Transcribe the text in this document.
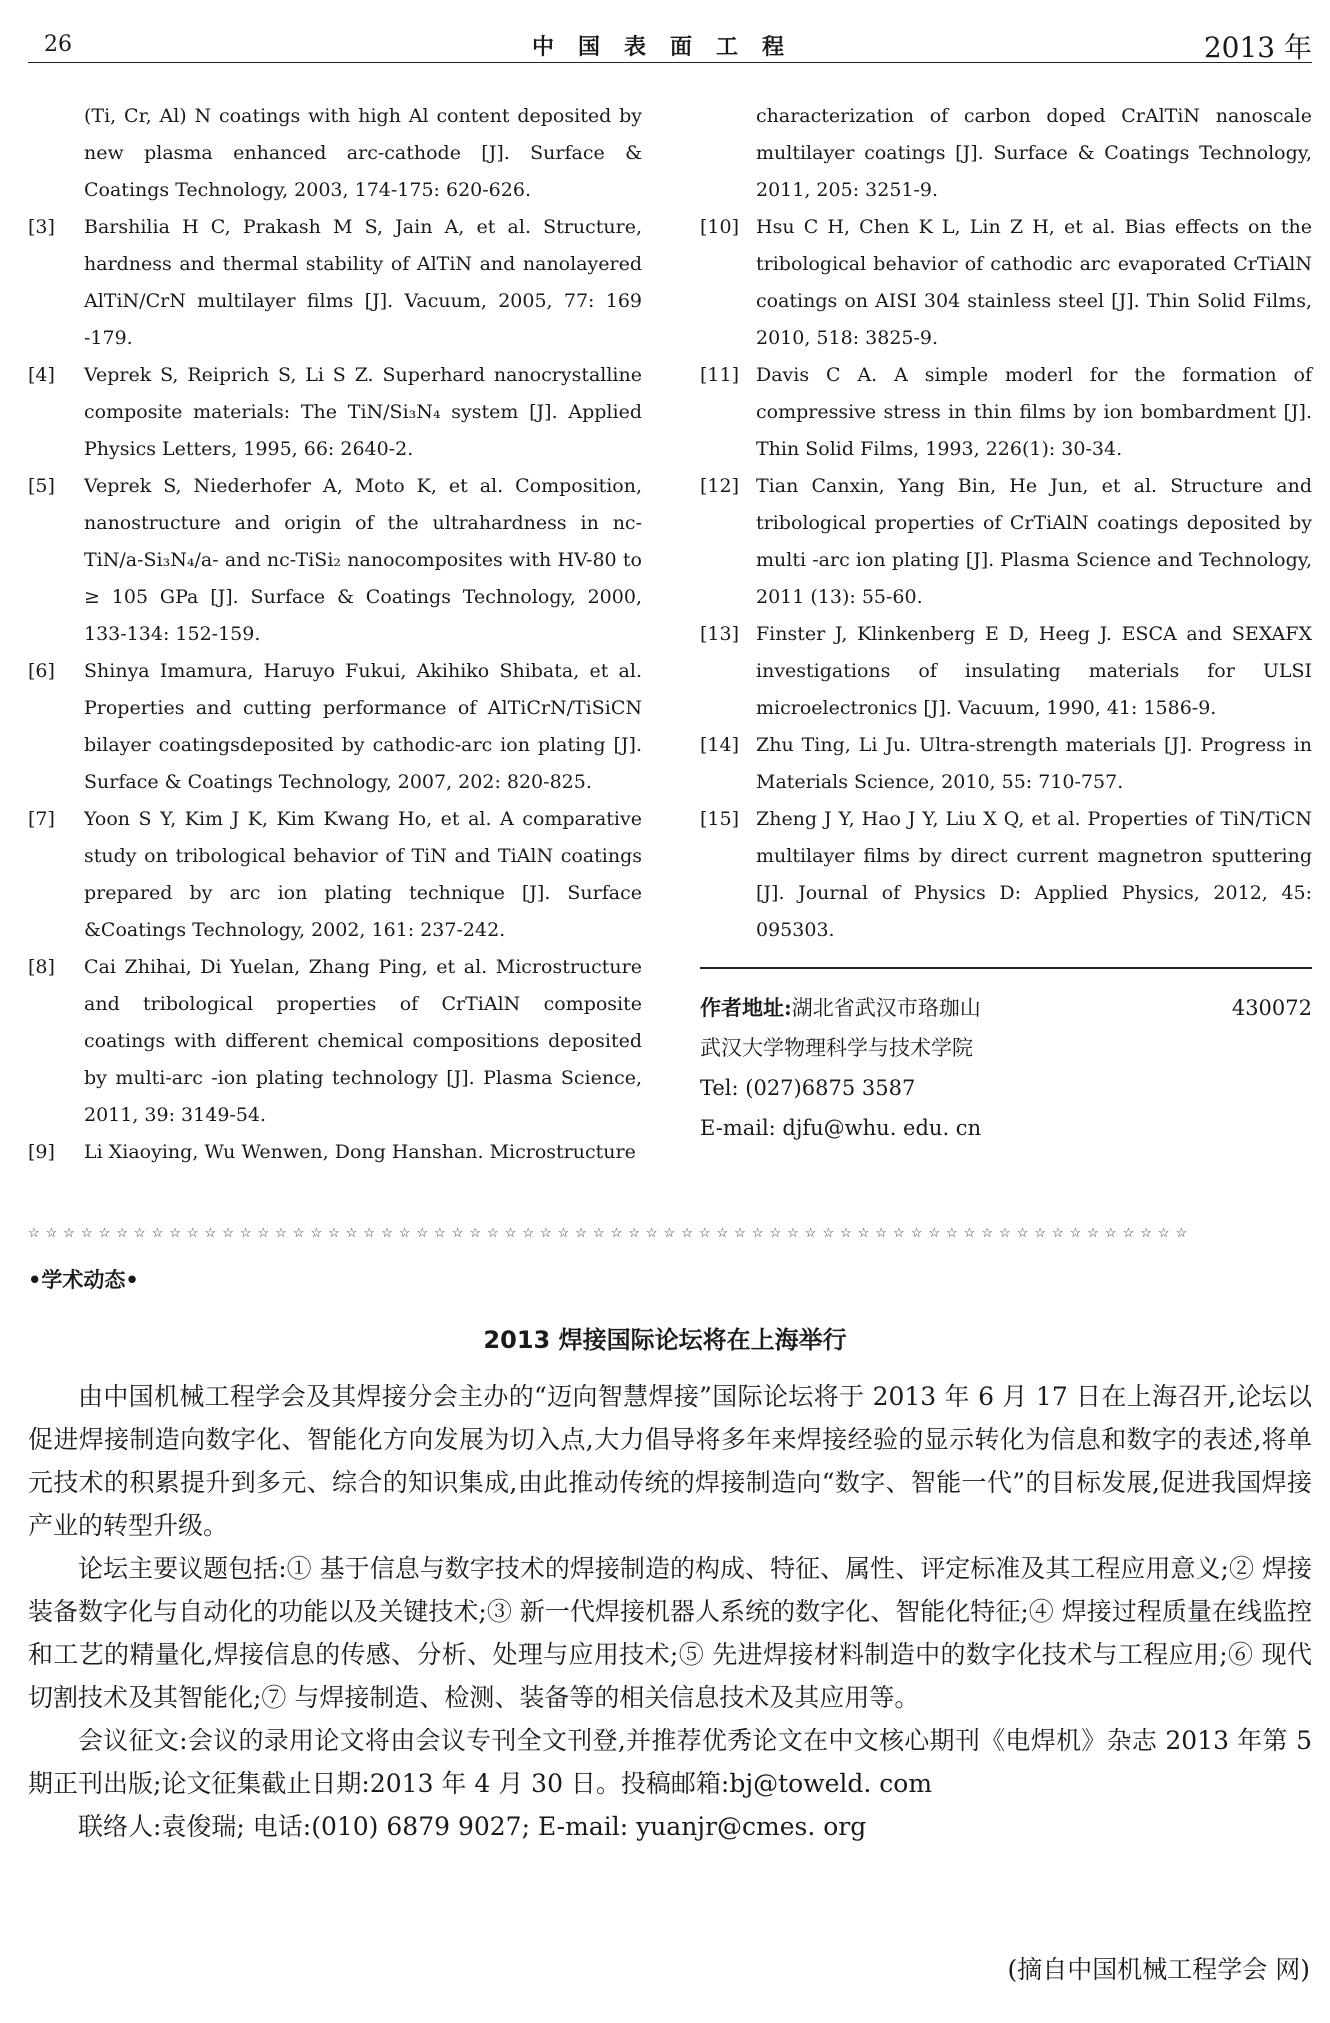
26	中国表面工程	2013 年

(Ti, Cr, Al) N coatings with high Al content deposited by new plasma enhanced arc-cathode [J]. Surface & Coatings Technology, 2003, 174-175: 620-626.

[3] Barshilia H C, Prakash M S, Jain A, et al. Structure, hardness and thermal stability of AlTiN and nanolayered AlTiN/CrN multilayer films [J]. Vacuum, 2005, 77: 169 -179.

[4] Veprek S, Reiprich S, Li S Z. Superhard nanocrystalline composite materials: The TiN/Si₃N₄ system [J]. Applied Physics Letters, 1995, 66: 2640-2.

[5] Veprek S, Niederhofer A, Moto K, et al. Composition, nanostructure and origin of the ultrahardness in nc-TiN/a-Si₃N₄/a- and nc-TiSi₂ nanocomposites with HV-80 to ≥ 105 GPa [J]. Surface & Coatings Technology, 2000, 133-134: 152-159.

[6] Shinya Imamura, Haruyo Fukui, Akihiko Shibata, et al. Properties and cutting performance of AlTiCrN/TiSiCN bilayer coatingsdeposited by cathodic-arc ion plating [J]. Surface & Coatings Technology, 2007, 202: 820-825.

[7] Yoon S Y, Kim J K, Kim Kwang Ho, et al. A comparative study on tribological behavior of TiN and TiAlN coatings prepared by arc ion plating technique [J]. Surface &Coatings Technology, 2002, 161: 237-242.

[8] Cai Zhihai, Di Yuelan, Zhang Ping, et al. Microstructure and tribological properties of CrTiAlN composite coatings with different chemical compositions deposited by multi-arc -ion plating technology [J]. Plasma Science, 2011, 39: 3149-54.

[9] Li Xiaoying, Wu Wenwen, Dong Hanshan. Microstructure

characterization of carbon doped CrAlTiN nanoscale multilayer coatings [J]. Surface & Coatings Technology, 2011, 205: 3251-9.

[10] Hsu C H, Chen K L, Lin Z H, et al. Bias effects on the tribological behavior of cathodic arc evaporated CrTiAlN coatings on AISI 304 stainless steel [J]. Thin Solid Films, 2010, 518: 3825-9.

[11] Davis C A. A simple moderl for the formation of compressive stress in thin films by ion bombardment [J]. Thin Solid Films, 1993, 226(1): 30-34.

[12] Tian Canxin, Yang Bin, He Jun, et al. Structure and tribological properties of CrTiAlN coatings deposited by multi -arc ion plating [J]. Plasma Science and Technology, 2011 (13): 55-60.

[13] Finster J, Klinkenberg E D, Heeg J. ESCA and SEXAFX investigations of insulating materials for ULSI microelectronics [J]. Vacuum, 1990, 41: 1586-9.

[14] Zhu Ting, Li Ju. Ultra-strength materials [J]. Progress in Materials Science, 2010, 55: 710-757.

[15] Zheng J Y, Hao J Y, Liu X Q, et al. Properties of TiN/TiCN multilayer films by direct current magnetron sputtering [J]. Journal of Physics D: Applied Physics, 2012, 45: 095303.

作者地址:湖北省武汉市珞珈山	430072
武汉大学物理科学与技术学院
Tel: (027)6875 3587
E-mail: djfu@whu. edu. cn
☆☆☆☆☆☆☆☆☆☆☆☆☆☆☆☆☆☆☆☆☆☆☆☆☆☆☆☆☆☆☆☆☆☆☆☆☆☆☆☆☆☆☆☆☆☆☆☆☆☆☆☆☆☆☆☆☆☆☆☆☆☆☆☆☆☆
•学术动态•
2013 焊接国际论坛将在上海举行

由中国机械工程学会及其焊接分会主办的“迈向智慧焊接”国际论坛将于 2013 年 6 月 17 日在上海召开,论坛以促进焊接制造向数字化、智能化方向发展为切入点,大力倡导将多年来焊接经验的显示转化为信息和数字的表述,将单元技术的积累提升到多元、综合的知识集成,由此推动传统的焊接制造向“数字、智能一代”的目标发展,促进我国焊接产业的转型升级。

论坛主要议题包括:① 基于信息与数字技术的焊接制造的构成、特征、属性、评定标准及其工程应用意义;② 焊接装备数字化与自动化的功能以及关键技术;③ 新一代焊接机器人系统的数字化、智能化特征;④ 焊接过程质量在线监控和工艺的精量化,焊接信息的传感、分析、处理与应用技术;⑤ 先进焊接材料制造中的数字化技术与工程应用;⑥ 现代切割技术及其智能化;⑦ 与焊接制造、检测、装备等的相关信息技术及其应用等。

会议征文:会议的录用论文将由会议专刊全文刊登,并推荐优秀论文在中文核心期刊《电焊机》杂志 2013 年第 5 期正刊出版;论文征集截止日期:2013 年 4 月 30 日。投稿邮箱:bj@toweld. com

联络人:袁俊瑞; 电话:(010) 6879 9027; E-mail: yuanjr@cmes. org

(摘自中国机械工程学会 网)
